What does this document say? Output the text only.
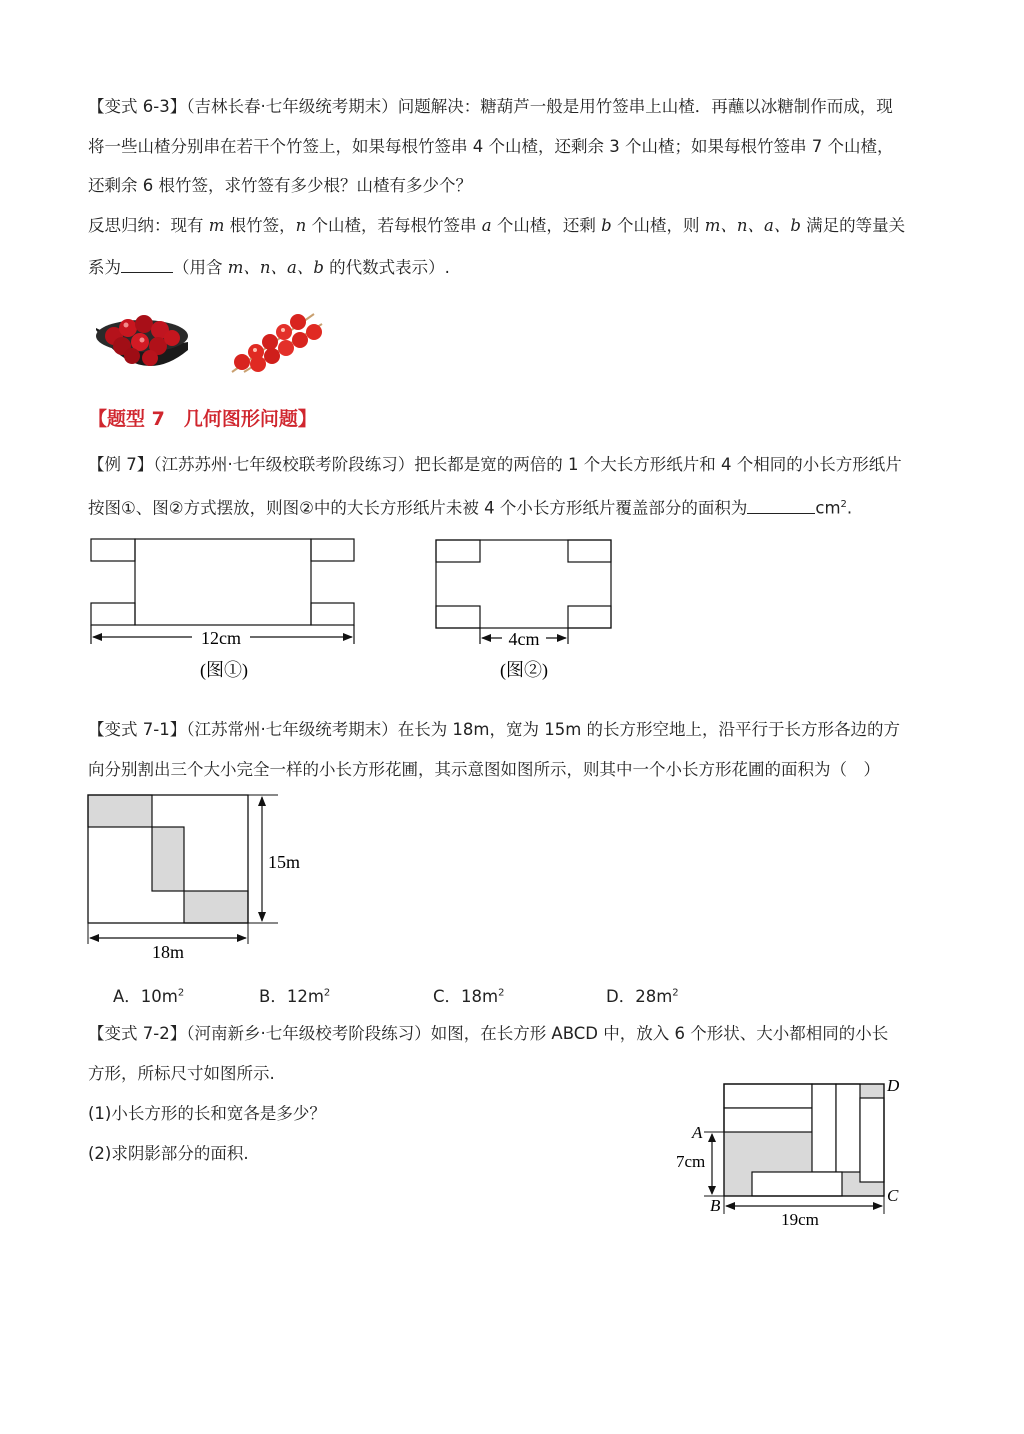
【变式 6-3】（吉林长春·七年级统考期末）问题解决：糖葫芦一般是用竹签串上山楂．再蘸以冰糖制作而成，现
将一些山楂分别串在若干个竹签上，如果每根竹签串 4 个山楂，还剩余 3 个山楂；如果每根竹签串 7 个山楂，
还剩余 6 根竹签，求竹签有多少根？山楂有多少个？
反思归纳：现有 m 根竹签，n 个山楂，若每根竹签串 a 个山楂，还剩 b 个山楂，则 m、n、a、b 满足的等量关
系为	（用含 m、n、a、b 的代数式表示）.
【题型 7　几何图形问题】
【例 7】（江苏苏州·七年级校联考阶段练习）把长都是宽的两倍的 1 个大长方形纸片和 4 个相同的小长方形纸片
按图①、图②方式摆放，则图②中的大长方形纸片未被 4 个小长方形纸片覆盖部分的面积为	$cm^2$.
12cm
(图①)
4cm
(图②)
【变式 7-1】（江苏常州·七年级统考期末）在长为 18m，宽为 15m 的长方形空地上，沿平行于长方形各边的方
向分别割出三个大小完全一样的小长方形花圃，其示意图如图所示，则其中一个小长方形花圃的面积为（　）
15m
18m
A．$10m^2$	B．$12m^2$	C．$18m^2$	D．$28m^2$
【变式 7-2】（河南新乡·七年级校考阶段练习）如图，在长方形 ABCD 中，放入 6 个形状、大小都相同的小长
方形，所标尺寸如图所示.
(1)小长方形的长和宽各是多少？
(2)求阴影部分的面积.	7cm
19cm
A
B
C
D
